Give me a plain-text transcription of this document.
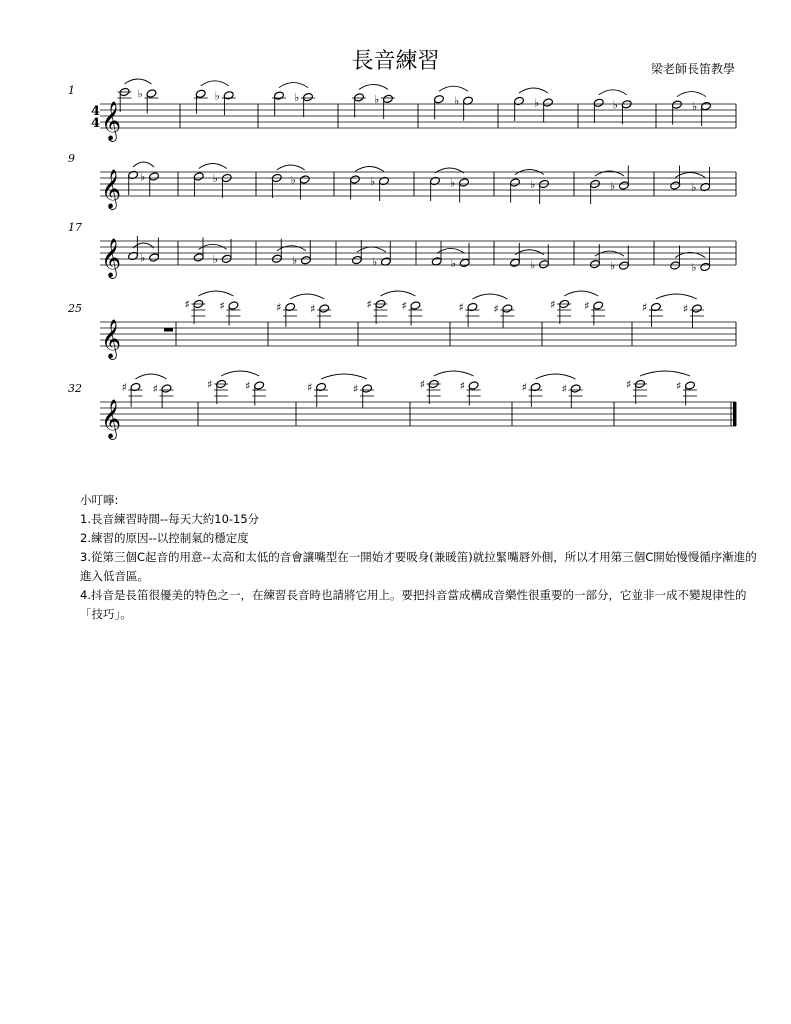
長音練習	梁老師長笛教學
1
𝄞
4
4
♭	♭	♭	♭	♭	♭	♭	♭
9
𝄞 ♭	♭	♭	♭	♭	♭	♭	♭
17
𝄞 ♭	♭	♭	♭	♭	♭	♭	♭
25
𝄞
♯	♯	♯	♯	♯	♯	♯	♯	♯	♯	♯	♯
32
𝄞
♯ ♯	♯	♯	♯	♯	♯	♯	♯	♯	♯	♯
小叮嚀:
1.長音練習時間--每天大約10-15分
2.練習的原因--以控制氣的穩定度
3.從第三個C起音的用意--太高和太低的音會讓嘴型在一開始才要吸身(兼暖笛)就拉緊嘴唇外側，所以才用第三個C開始慢慢循序漸進的進入低音區。
4.抖音是長笛很優美的特色之一，在練習長音時也請將它用上。要把抖音當成構成音樂性很重要的一部分，它並非一成不變規律性的「技巧」。
